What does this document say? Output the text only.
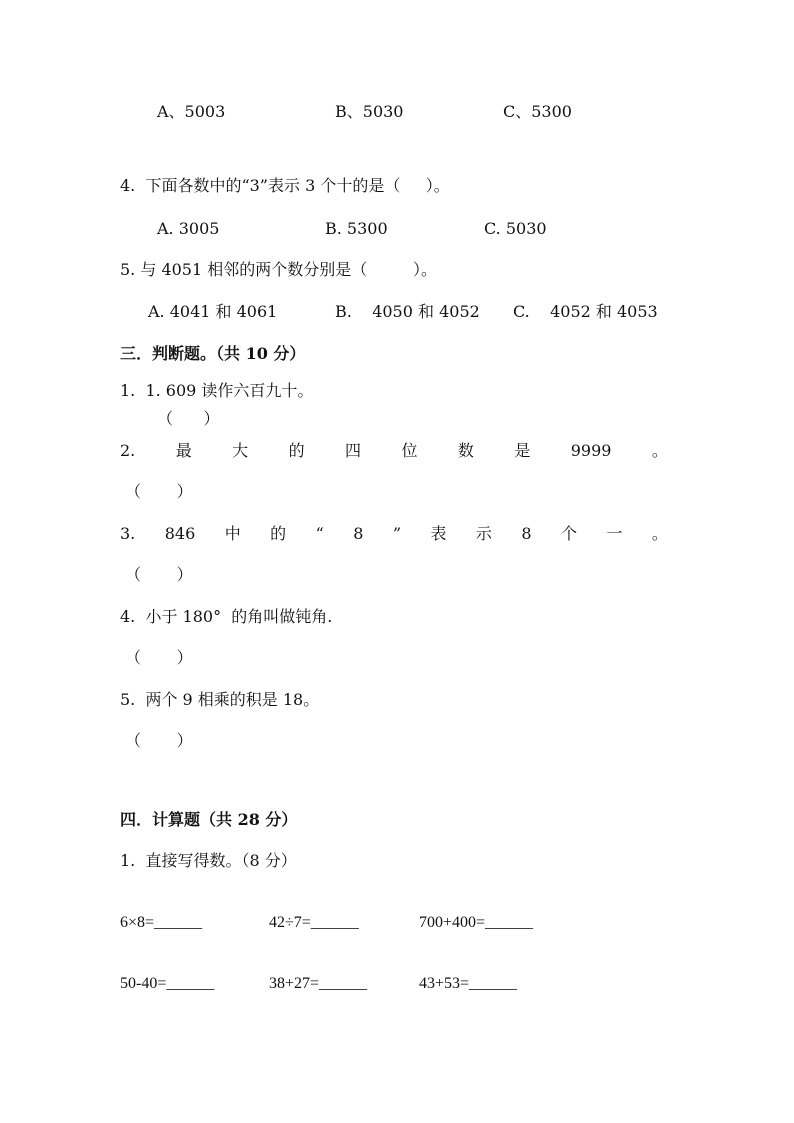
A、5003	B、5030	C、5300
4.  下面各数中的“3”表示 3 个十的是（     ）。
A. 3005	B. 5300	C. 5030
5. 与 4051 相邻的两个数分别是（         ）。
A. 4041 和 4061	B.    4050 和 4052 C.    4052 和 4053
三．判断题。（共 10 分）
1.  1. 609 读作六百九十。
（      ）
2.	最	大	的	四	位	数	是	9999	。
（       ）
3. 846 中 的 “ 8 ” 表 示 8 个 一 。
（       ）
4.  小于 180°  的角叫做钝角.
（       ）
5.  两个 9 相乘的积是 18。
（       ）
四．计算题（共 28 分）
1.  直接写得数。（8 分）
6×8=______	42÷7=______	700+400=______
50-40=______	38+27=______	43+53=______
